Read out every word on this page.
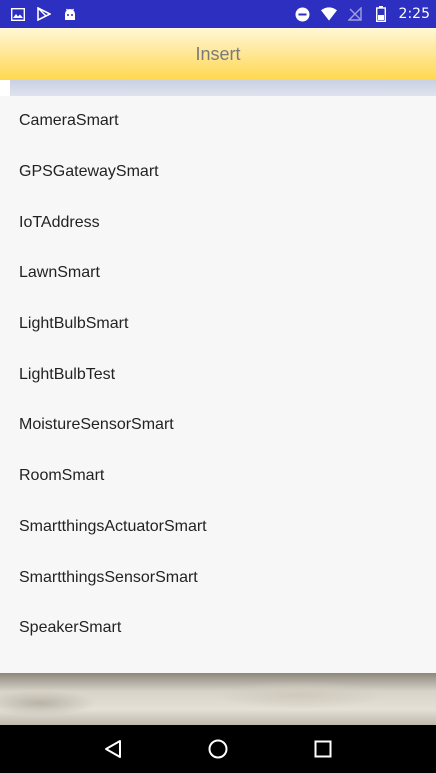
2:25
Insert
CameraSmart
GPSGatewaySmart
IoTAddress
LawnSmart
LightBulbSmart
LightBulbTest
MoistureSensorSmart
RoomSmart
SmartthingsActuatorSmart
SmartthingsSensorSmart
SpeakerSmart
